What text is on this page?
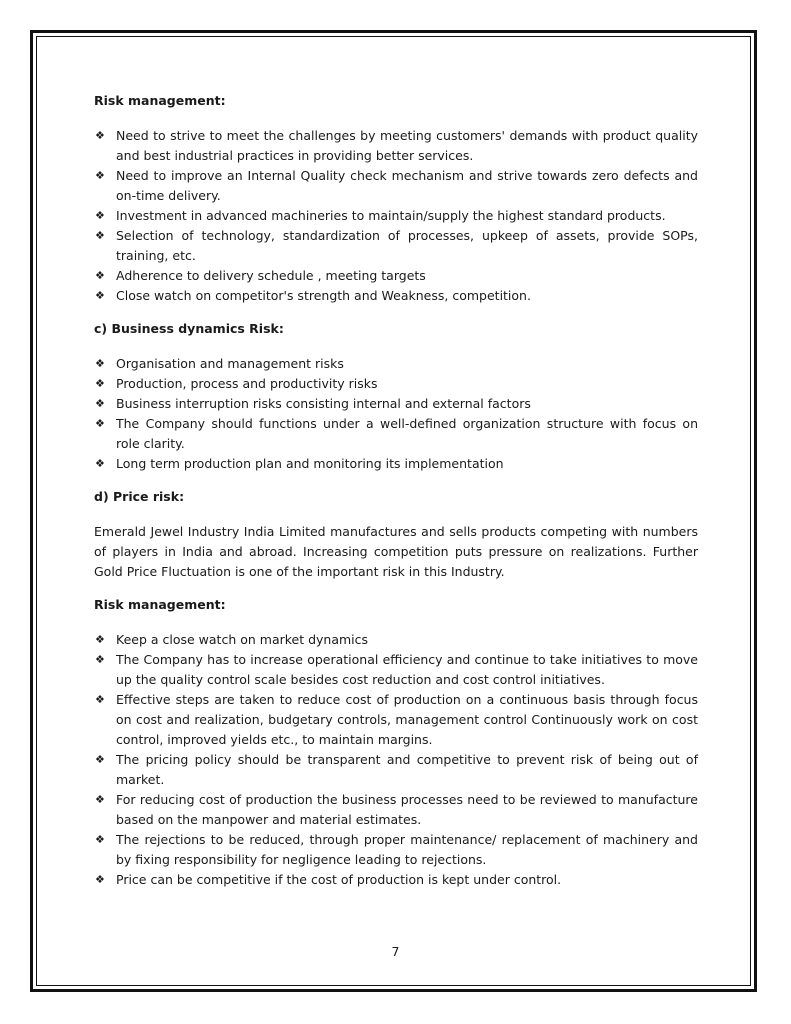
Risk management:
❖ Need to strive to meet the challenges by meeting customers' demands with product quality and best industrial practices in providing better services.
❖ Need to improve an Internal Quality check mechanism and strive towards zero defects and on-time delivery.
❖ Investment in advanced machineries to maintain/supply the highest standard products.
❖ Selection of technology, standardization of processes, upkeep of assets, provide SOPs, training, etc.
❖ Adherence to delivery schedule , meeting targets
❖ Close watch on competitor's strength and Weakness, competition.
c) Business dynamics Risk:
❖ Organisation and management risks
❖ Production, process and productivity risks
❖ Business interruption risks consisting internal and external factors
❖ The Company should functions under a well-defined organization structure with focus on role clarity.
❖ Long term production plan and monitoring its implementation
d) Price risk:

Emerald Jewel Industry India Limited manufactures and sells products competing with numbers of players in India and abroad. Increasing competition puts pressure on realizations. Further Gold Price Fluctuation is one of the important risk in this Industry.

Risk management:
❖ Keep a close watch on market dynamics
❖ The Company has to increase operational efficiency and continue to take initiatives to move up the quality control scale besides cost reduction and cost control initiatives.
❖ Effective steps are taken to reduce cost of production on a continuous basis through focus on cost and realization, budgetary controls, management control Continuously work on cost control, improved yields etc., to maintain margins.
❖ The pricing policy should be transparent and competitive to prevent risk of being out of market.
❖ For reducing cost of production the business processes need to be reviewed to manufacture based on the manpower and material estimates.
❖ The rejections to be reduced, through proper maintenance/ replacement of machinery and by fixing responsibility for negligence leading to rejections.
❖ Price can be competitive if the cost of production is kept under control.
7
